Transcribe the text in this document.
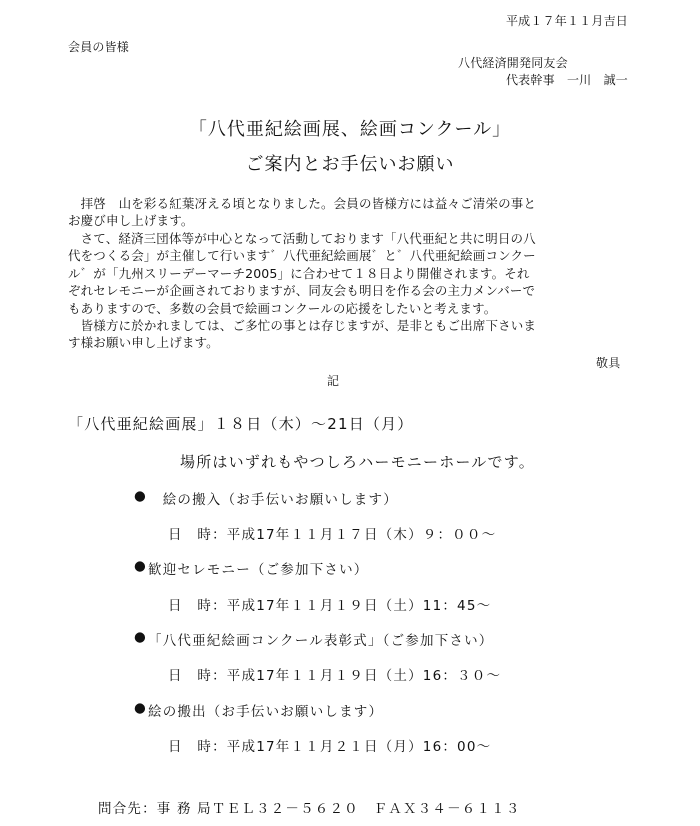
平成１７年１１月吉日
会員の皆様
八代経済開発同友会
代表幹事　一川　誠一
「八代亜紀絵画展、絵画コンクール」
ご案内とお手伝いお願い
　拝啓　山を彩る紅葉冴える頃となりました。会員の皆様方には益々ご清栄の事と
お慶び申し上げます。
　さて、経済三団体等が中心となって活動しております「八代亜紀と共に明日の八
代をつくる会」が主催して行います゛八代亜紀絵画展゛と゛八代亜紀絵画コンクー
ル゛が「九州スリーデーマーチ2005」に合わせて１８日より開催されます。それ
ぞれセレモニーが企画されておりますが、同友会も明日を作る会の主力メンバーで
もありますので、多数の会員で絵画コンクールの応援をしたいと考えます。
　皆様方に於かれましては、ご多忙の事とは存じますが、是非ともご出席下さいま
す様お願い申し上げます。
敬具
記
「八代亜紀絵画展」１８日（木）～21日（月）
場所はいずれもやつしろハーモニーホールです。
● 　絵の搬入（お手伝いお願いします）
日　時：平成17年１１月１７日（木）９：００～
● 歓迎セレモニー（ご参加下さい）
日　時：平成17年１１月１９日（土）11：45～
● 「八代亜紀絵画コンクール表彰式」（ご参加下さい）
日　時：平成17年１１月１９日（土）16：３０～
● 絵の搬出（お手伝いお願いします）
日　時：平成17年１１月２１日（月）16：00～
問合先：事 務 局ＴＥＬ３２－５６２０　ＦＡＸ３４－６１１３
